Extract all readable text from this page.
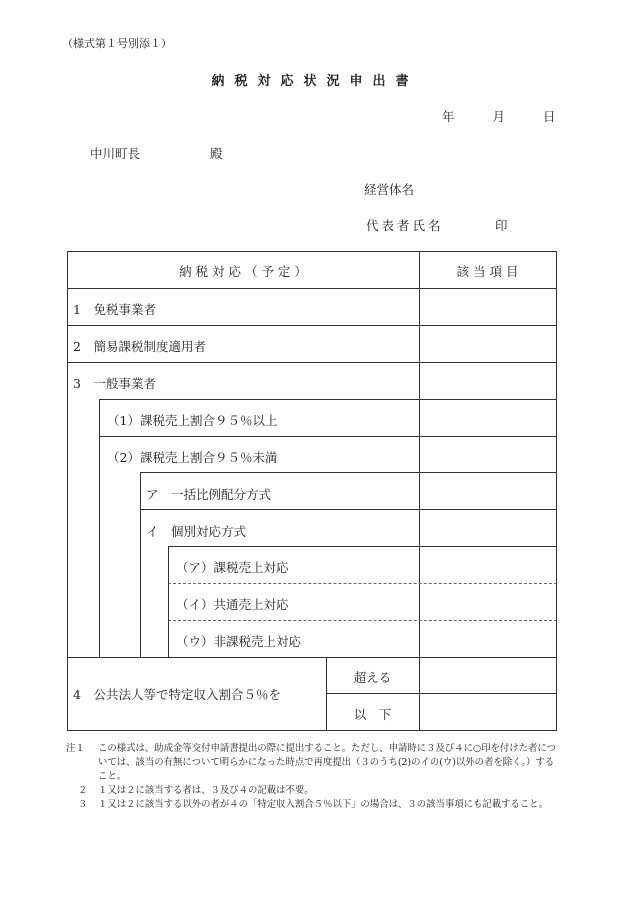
（様式第１号別添１）
納税対応状況申出書
年	月	日
中川町長	殿
経営体名
代表者氏名	印
納 税 対 応 （ 予 定 ）	該 当 項 目
1　免税事業者
2　簡易課税制度適用者
3　一般事業者
（1）課税売上割合９５％以上
（2）課税売上割合９５％未満
ア　一括比例配分方式
イ　個別対応方式
（ア）課税売上対応
（イ）共通売上対応
（ウ）非課税売上対応
4　公共法人等で特定収入割合５％を
超える
以　下
注１	この様式は、助成金等交付申請書提出の際に提出すること。ただし、申請時に３及び４に○印を付けた者については、該当の有無について明らかになった時点で再度提出（３のうち(2)のイの(ウ)以外の者を除く。）すること。
２	１又は２に該当する者は、３及び４の記載は不要。
３	１又は２に該当する以外の者が４の「特定収入割合５％以下」の場合は、３の該当事項にも記載すること。
